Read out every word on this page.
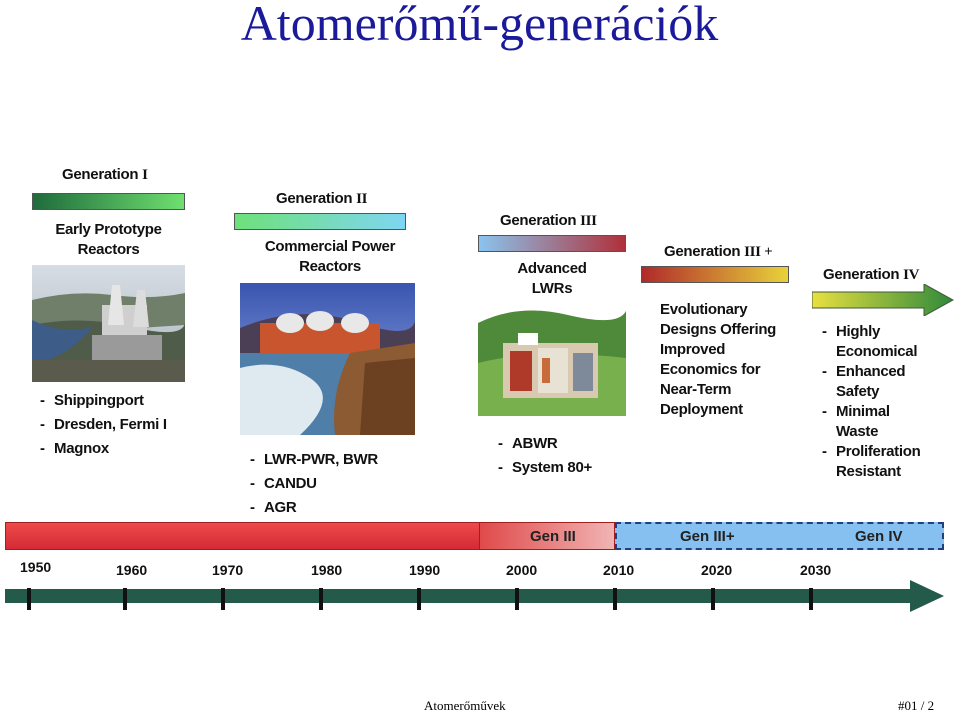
Atomerőmű-generációk
Generation I
Early Prototype
Reactors
- Shippingport
- Dresden, Fermi I
- Magnox
Generation II
Commercial Power
Reactors
- LWR-PWR, BWR
- CANDU
- AGR
Generation III
Advanced
LWRs
- ABWR
- System 80+
Generation III +
Evolutionary
Designs Offering
Improved
Economics for
Near-Term
Deployment
Generation IV
- Highly
Economical
- Enhanced
Safety
- Minimal
Waste
- Proliferation
Resistant
Gen III	Gen III+	Gen IV
1950	1960	1970	1980	1990	2000	2010	2020	2030
Atomerőművek	#01 / 2
